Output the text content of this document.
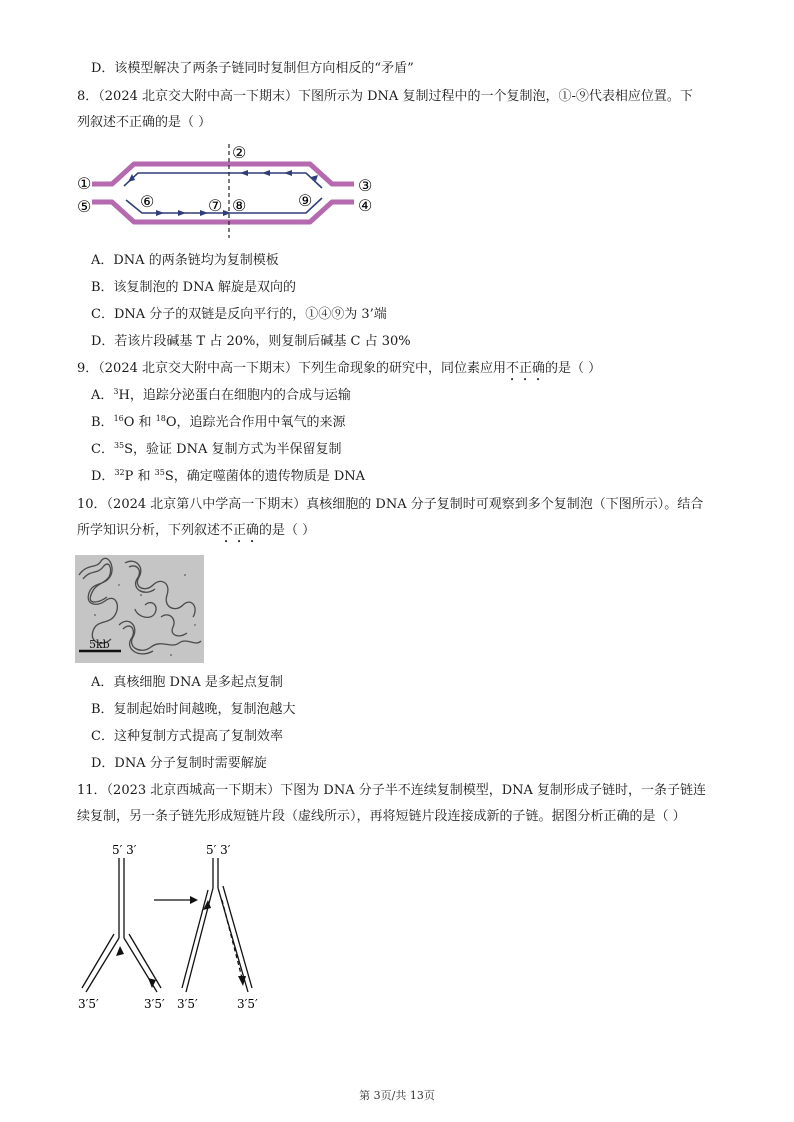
D．该模型解决了两条子链同时复制但方向相反的“矛盾”
8．（2024 北京交大附中高一下期末）下图所示为 DNA 复制过程中的一个复制泡，①-⑨代表相应位置。下
列叙述不正确的是（ ）
①
⑤
②
③
④
⑥	⑦ ⑧	⑨
A．DNA 的两条链均为复制模板
B．该复制泡的 DNA 解旋是双向的
C．DNA 分子的双链是反向平行的，①④⑨为 3’端
D．若该片段碱基 T 占 20%，则复制后碱基 C 占 30%
9．（2024 北京交大附中高一下期末）下列生命现象的研究中，同位素应用不正确的是（ ）
A．$^3$H，追踪分泌蛋白在细胞内的合成与运输
B．$^{16}$O 和 $^{18}$O，追踪光合作用中氧气的来源
C．$^{35}$S，验证 DNA 复制方式为半保留复制
D．$^{32}$P 和 $^{35}$S，确定噬菌体的遗传物质是 DNA
10．（2024 北京第八中学高一下期末）真核细胞的 DNA 分子复制时可观察到多个复制泡（下图所示）。结合
所学知识分析，下列叙述不正确的是（ ）
5kb
A．真核细胞 DNA 是多起点复制
B．复制起始时间越晚，复制泡越大
C．这种复制方式提高了复制效率
D．DNA 分子复制时需要解旋
11．（2023 北京西城高一下期末）下图为 DNA 分子半不连续复制模型，DNA 复制形成子链时，一条子链连
续复制，另一条子链先形成短链片段（虚线所示），再将短链片段连接成新的子链。据图分析正确的是（ ）
5′ 3′	5′ 3′
3′5′	3′5′ 3′5′	3′5′
第 3页/共 13页
